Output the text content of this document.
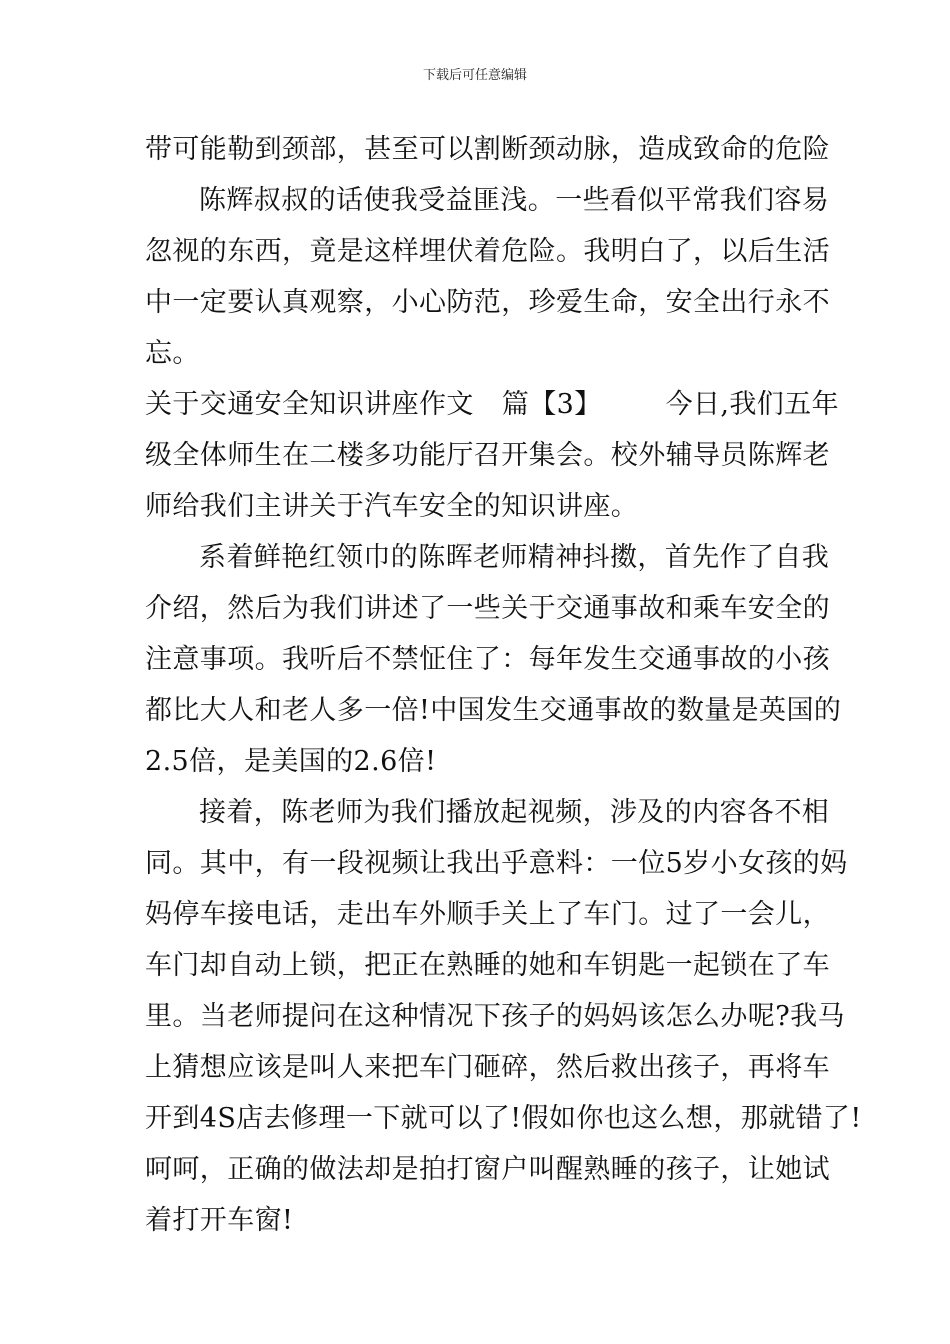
下载后可任意编辑
带可能勒到颈部，甚至可以割断颈动脉，造成致命的危险
陈辉叔叔的话使我受益匪浅。一些看似平常我们容易
忽视的东西，竟是这样埋伏着危险。我明白了，以后生活
中一定要认真观察，小心防范，珍爱生命，安全出行永不
忘。
关于交通安全知识讲座作文 篇【3】 今日,我们五年
级全体师生在二楼多功能厅召开集会。校外辅导员陈辉老
师给我们主讲关于汽车安全的知识讲座。
系着鲜艳红领巾的陈晖老师精神抖擞，首先作了自我
介绍，然后为我们讲述了一些关于交通事故和乘车安全的
注意事项。我听后不禁怔住了：每年发生交通事故的小孩
都比大人和老人多一倍!中国发生交通事故的数量是英国的
2.5倍，是美国的2.6倍!
接着，陈老师为我们播放起视频，涉及的内容各不相
同。其中，有一段视频让我出乎意料：一位5岁小女孩的妈
妈停车接电话，走出车外顺手关上了车门。过了一会儿，
车门却自动上锁，把正在熟睡的她和车钥匙一起锁在了车
里。当老师提问在这种情况下孩子的妈妈该怎么办呢?我马
上猜想应该是叫人来把车门砸碎，然后救出孩子，再将车
开到4S店去修理一下就可以了!假如你也这么想，那就错了!
呵呵，正确的做法却是拍打窗户叫醒熟睡的孩子，让她试
着打开车窗!
